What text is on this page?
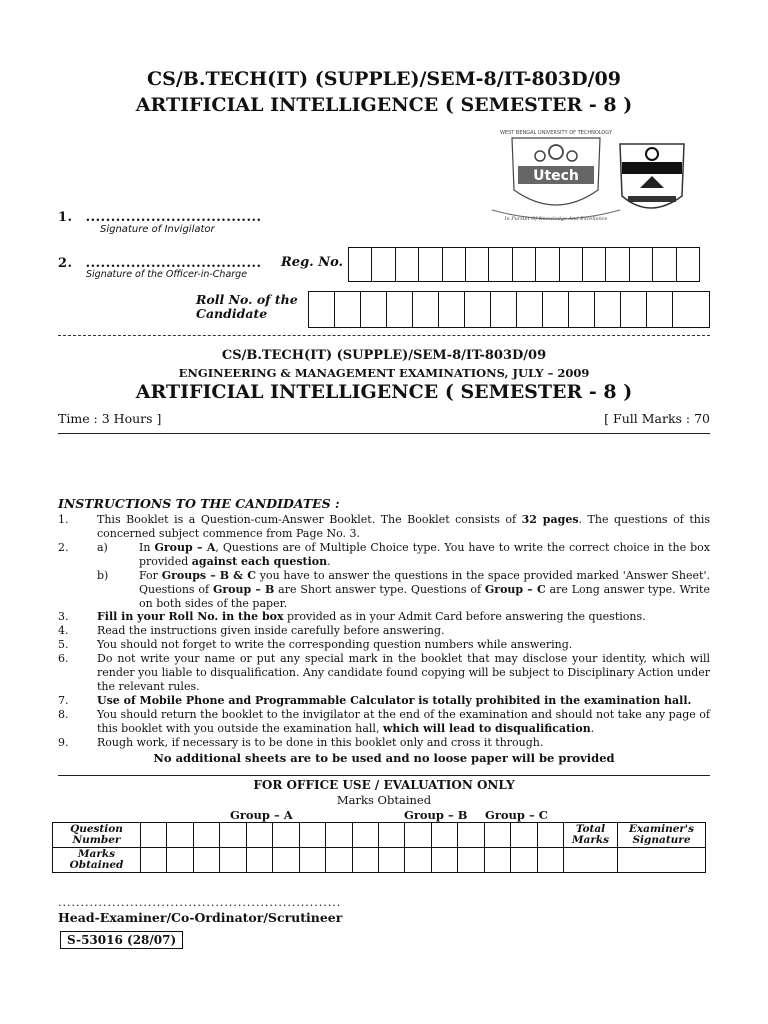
CS/B.TECH(IT) (SUPPLE)/SEM-8/IT-803D/09
ARTIFICIAL INTELLIGENCE ( SEMESTER - 8 )
Utech
WEST BENGAL UNIVERSITY OF TECHNOLOGY
In Pursuit Of Knowledge And Excellence
1. ...................................
Signature of Invigilator
2. ...................................
Signature of the Officer-in-Charge
Reg. No.
Roll No. of the
Candidate
CS/B.TECH(IT) (SUPPLE)/SEM-8/IT-803D/09
ENGINEERING & MANAGEMENT EXAMINATIONS, JULY – 2009
ARTIFICIAL INTELLIGENCE ( SEMESTER - 8 )
Time : 3 Hours ]	[ Full Marks : 70
INSTRUCTIONS TO THE CANDIDATES :
1.	This Booklet is a Question-cum-Answer Booklet. The Booklet consists of 32 pages. The questions of this concerned subject commence from Page No. 3.
2.	a)	In Group – A, Questions are of Multiple Choice type. You have to write the correct choice in the box provided against each question.
b)	For Groups – B & C you have to answer the questions in the space provided marked 'Answer Sheet'. Questions of Group – B are Short answer type. Questions of Group – C are Long answer type. Write on both sides of the paper.
3.	Fill in your Roll No. in the box provided as in your Admit Card before answering the questions.
4.	Read the instructions given inside carefully before answering.
5.	You should not forget to write the corresponding question numbers while answering.
6.	Do not write your name or put any special mark in the booklet that may disclose your identity, which will render you liable to disqualification. Any candidate found copying will be subject to Disciplinary Action under the relevant rules.
7.	Use of Mobile Phone and Programmable Calculator is totally prohibited in the examination hall.
8.	You should return the booklet to the invigilator at the end of the examination and should not take any page of this booklet with you outside the examination hall, which will lead to disqualification.
9.	Rough work, if necessary is to be done in this booklet only and cross it through.
No additional sheets are to be used and no loose paper will be provided
FOR OFFICE USE / EVALUATION ONLY
Marks Obtained
Group – A	Group – B Group – C
Question Number																	Total Marks	Examiner's Signature
Marks Obtained																		
...............................................................
Head-Examiner/Co-Ordinator/Scrutineer
S-53016 (28/07)
